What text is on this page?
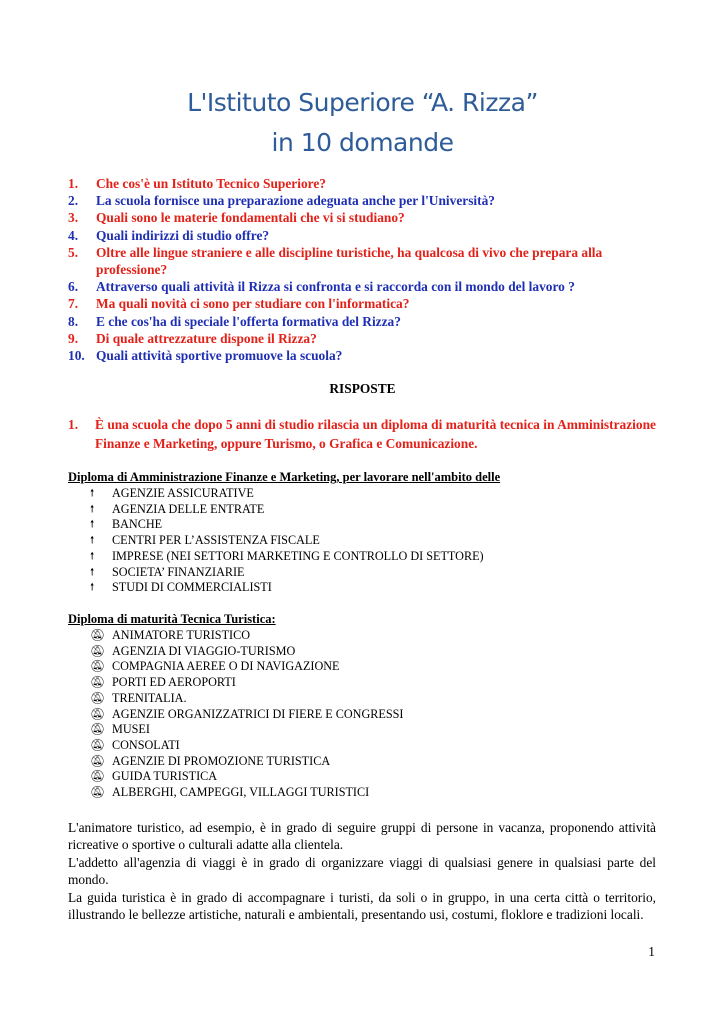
L'Istituto Superiore “A. Rizza”
in 10 domande
1. Che cos'è un Istituto Tecnico Superiore?
2. La scuola fornisce una preparazione adeguata anche per l'Università?
3. Quali sono le materie fondamentali che vi si studiano?
4. Quali indirizzi di studio offre?
5. Oltre alle lingue straniere e alle discipline turistiche, ha qualcosa di vivo che prepara alla professione?
6. Attraverso quali attività il Rizza si confronta e si raccorda con il mondo del lavoro ?
7. Ma quali novità ci sono per studiare con l'informatica?
8. E che cos'ha di speciale l'offerta formativa del Rizza?
9. Di quale attrezzature dispone il Rizza?
10. Quali attività sportive promuove la scuola?
RISPOSTE
1. È una scuola che dopo 5 anni di studio rilascia un diploma di maturità tecnica in Amministrazione Finanze e Marketing, oppure Turismo, o Grafica e Comunicazione.
Diploma di Amministrazione Finanze e Marketing, per lavorare nell'ambito delle
🠕 AGENZIE ASSICURATIVE
🠕 AGENZIA DELLE ENTRATE
🠕 BANCHE
🠕 CENTRI PER L’ASSISTENZA FISCALE
🠕 IMPRESE (NEI SETTORI MARKETING E CONTROLLO DI SETTORE)
🠕 SOCIETA’ FINANZIARIE
🠕 STUDI DI COMMERCIALISTI
Diploma di maturità Tecnica Turistica:
🔕︎ ANIMATORE TURISTICO
🔕︎ AGENZIA DI VIAGGIO-TURISMO
🔕︎ COMPAGNIA AEREE O DI NAVIGAZIONE
🔕︎ PORTI ED AEROPORTI
🔕︎ TRENITALIA.
🔕︎ AGENZIE ORGANIZZATRICI DI FIERE E CONGRESSI
🔕︎ MUSEI
🔕︎ CONSOLATI
🔕︎ AGENZIE DI PROMOZIONE TURISTICA
🔕︎ GUIDA TURISTICA
🔕︎ ALBERGHI, CAMPEGGI, VILLAGGI TURISTICI
L'animatore turistico, ad esempio, è in grado di seguire gruppi di persone in vacanza, proponendo attività ricreative o sportive o culturali adatte alla clientela.
L'addetto all'agenzia di viaggi è in grado di organizzare viaggi di qualsiasi genere in qualsiasi parte del mondo.
La guida turistica è in grado di accompagnare i turisti, da soli o in gruppo, in una certa città o territorio, illustrando le bellezze artistiche, naturali e ambientali, presentando usi, costumi, floklore e tradizioni locali.
1
